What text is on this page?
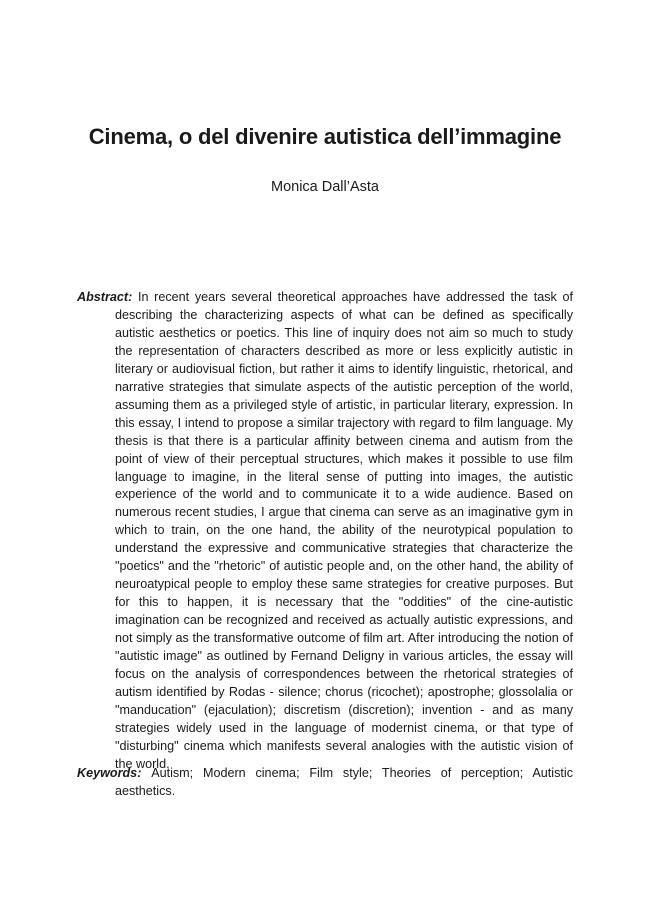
Cinema, o del divenire autistica dell’immagine
Monica Dall’Asta
Abstract: In recent years several theoretical approaches have addressed the task of describing the characterizing aspects of what can be defined as specifically autistic aesthetics or poetics. This line of inquiry does not aim so much to study the representation of characters described as more or less explicitly autistic in literary or audiovisual fiction, but rather it aims to identify linguistic, rhetorical, and narrative strategies that simulate aspects of the autistic perception of the world, assuming them as a privileged style of artistic, in particular literary, expression. In this essay, I intend to propose a similar trajectory with regard to film language. My thesis is that there is a particular affinity between cinema and autism from the point of view of their perceptual structures, which makes it possible to use film language to imagine, in the literal sense of putting into images, the autistic experience of the world and to communicate it to a wide audience. Based on numerous recent studies, I argue that cinema can serve as an imaginative gym in which to train, on the one hand, the ability of the neurotypical population to understand the expressive and communicative strategies that characterize the "poetics" and the "rhetoric" of autistic people and, on the other hand, the ability of neuroatypical people to employ these same strategies for creative purposes. But for this to happen, it is necessary that the "oddities" of the cine-autistic imagination can be recognized and received as actually autistic expressions, and not simply as the transformative outcome of film art. After introducing the notion of "autistic image" as outlined by Fernand Deligny in various articles, the essay will focus on the analysis of correspondences between the rhetorical strategies of autism identified by Rodas - silence; chorus (ricochet); apostrophe; glossolalia or "manducation" (ejaculation); discretism (discretion); invention - and as many strategies widely used in the language of modernist cinema, or that type of "disturbing" cinema which manifests several analogies with the autistic vision of the world.
Keywords: Autism; Modern cinema; Film style; Theories of perception; Autistic aesthetics.
